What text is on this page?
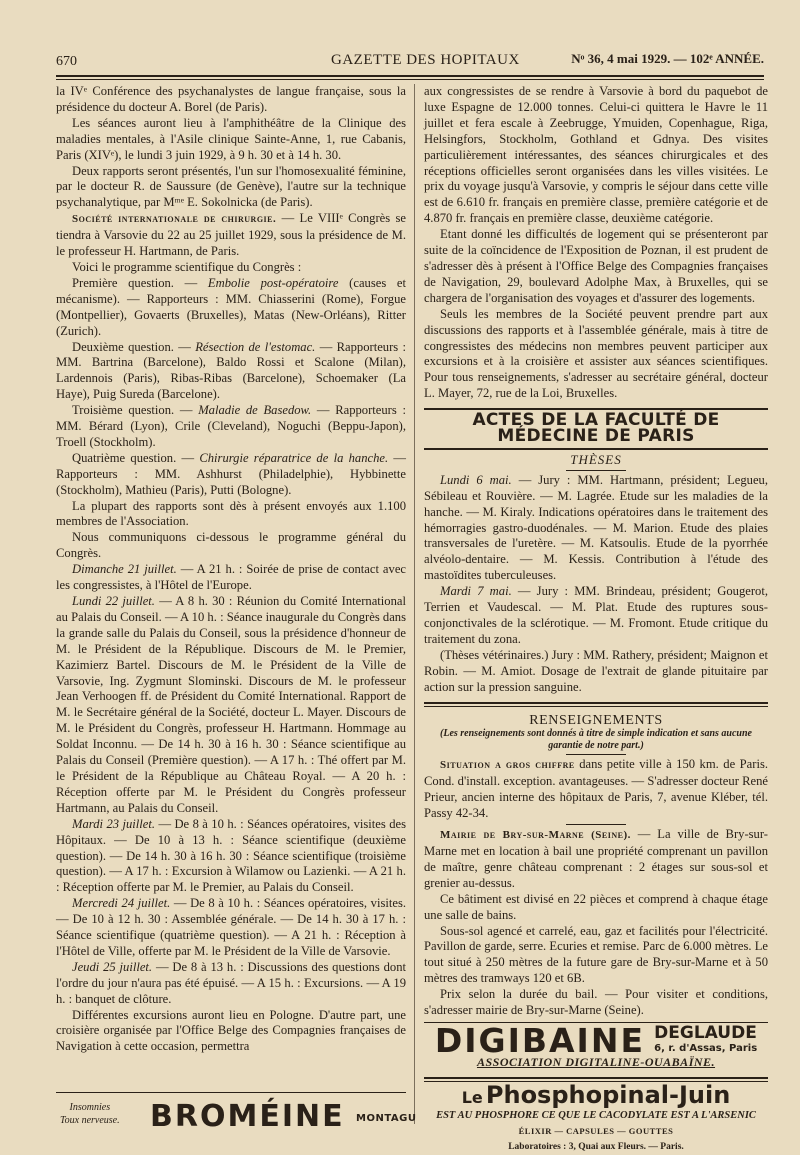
670	GAZETTE DES HOPITAUX	Nᵒ 36, 4 mai 1929. — 102ᵉ ANNÉE.

la IVᵉ Conférence des psychanalystes de langue française, sous la présidence du docteur A. Borel (de Paris).

Les séances auront lieu à l'amphithéâtre de la Clinique des maladies mentales, à l'Asile clinique Sainte-Anne, 1, rue Cabanis, Paris (XIVᵉ), le lundi 3 juin 1929, à 9 h. 30 et à 14 h. 30.

Deux rapports seront présentés, l'un sur l'homosexualité féminine, par le docteur R. de Saussure (de Genève), l'autre sur la technique psychanalytique, par Mᵐᵉ E. Sokolnicka (de Paris).

Société internationale de chirurgie. — Le VIIIᵉ Congrès se tiendra à Varsovie du 22 au 25 juillet 1929, sous la présidence de M. le professeur H. Hartmann, de Paris.

Voici le programme scientifique du Congrès :

Première question. — Embolie post-opératoire (causes et mécanisme). — Rapporteurs : MM. Chiasserini (Rome), Forgue (Montpellier), Govaerts (Bruxelles), Matas (New-Orléans), Ritter (Zurich).

Deuxième question. — Résection de l'estomac. — Rapporteurs : MM. Bartrina (Barcelone), Baldo Rossi et Scalone (Milan), Lardennois (Paris), Ribas-Ribas (Barcelone), Schoemaker (La Haye), Puig Sureda (Barcelone).

Troisième question. — Maladie de Basedow. — Rapporteurs : MM. Bérard (Lyon), Crile (Cleveland), Noguchi (Beppu-Japon), Troell (Stockholm).

Quatrième question. — Chirurgie réparatrice de la hanche. — Rapporteurs : MM. Ashhurst (Philadelphie), Hybbinette (Stockholm), Mathieu (Paris), Putti (Bologne).

La plupart des rapports sont dès à présent envoyés aux 1.100 membres de l'Association.

Nous communiquons ci-dessous le programme général du Congrès.

Dimanche 21 juillet. — A 21 h. : Soirée de prise de contact avec les congressistes, à l'Hôtel de l'Europe.

Lundi 22 juillet. — A 8 h. 30 : Réunion du Comité International au Palais du Conseil. — A 10 h. : Séance inaugurale du Congrès dans la grande salle du Palais du Conseil, sous la présidence d'honneur de M. le Président de la République. Discours de M. le Premier, Kazimierz Bartel. Discours de M. le Président de la Ville de Varsovie, Ing. Zygmunt Slominski. Discours de M. le professeur Jean Verhoogen ff. de Président du Comité International. Rapport de M. le Secrétaire général de la Société, docteur L. Mayer. Discours de M. le Président du Congrès, professeur H. Hartmann. Hommage au Soldat Inconnu. — De 14 h. 30 à 16 h. 30 : Séance scientifique au Palais du Conseil (Première question). — A 17 h. : Thé offert par M. le Président de la République au Château Royal. — A 20 h. : Réception offerte par M. le Président du Congrès professeur Hartmann, au Palais du Conseil.

Mardi 23 juillet. — De 8 à 10 h. : Séances opératoires, visites des Hôpitaux. — De 10 à 13 h. : Séance scientifique (deuxième question). — De 14 h. 30 à 16 h. 30 : Séance scientifique (troisième question). — A 17 h. : Excursion à Wilamow ou Lazienki. — A 21 h. : Réception offerte par M. le Premier, au Palais du Conseil.

Mercredi 24 juillet. — De 8 à 10 h. : Séances opératoires, visites. — De 10 à 12 h. 30 : Assemblée générale. — De 14 h. 30 à 17 h. : Séance scientifique (quatrième question). — A 21 h. : Réception à l'Hôtel de Ville, offerte par M. le Président de la Ville de Varsovie.

Jeudi 25 juillet. — De 8 à 13 h. : Discussions des questions dont l'ordre du jour n'aura pas été épuisé. — A 15 h. : Excursions. — A 19 h. : banquet de clôture.

Différentes excursions auront lieu en Pologne. D'autre part, une croisière organisée par l'Office Belge des Compagnies françaises de Navigation à cette occasion, permettra

aux congressistes de se rendre à Varsovie à bord du paquebot de luxe Espagne de 12.000 tonnes. Celui-ci quittera le Havre le 11 juillet et fera escale à Zeebrugge, Ymuiden, Copenhague, Riga, Helsingfors, Stockholm, Gothland et Gdnya. Des visites particulièrement intéressantes, des séances chirurgicales et des réceptions officielles seront organisées dans les villes visitées. Le prix du voyage jusqu'à Varsovie, y compris le séjour dans cette ville est de 6.610 fr. français en première classe, première catégorie et de 4.870 fr. français en première classe, deuxième catégorie.

Etant donné les difficultés de logement qui se présenteront par suite de la coïncidence de l'Exposition de Poznan, il est prudent de s'adresser dès à présent à l'Office Belge des Compagnies françaises de Navigation, 29, boulevard Adolphe Max, à Bruxelles, qui se chargera de l'organisation des voyages et d'assurer des logements.

Seuls les membres de la Société peuvent prendre part aux discussions des rapports et à l'assemblée générale, mais à titre de congressistes des médecins non membres peuvent participer aux excursions et à la croisière et assister aux séances scientifiques. Pour tous renseignements, s'adresser au secrétaire général, docteur L. Mayer, 72, rue de la Loi, Bruxelles.

ACTES DE LA FACULTÉ DE MÉDECINE DE PARIS
THÈSES

Lundi 6 mai. — Jury : MM. Hartmann, président; Legueu, Sébileau et Rouvière. — M. Lagrée. Etude sur les maladies de la hanche. — M. Kiraly. Indications opératoires dans le traitement des hémorragies gastro-duodénales. — M. Marion. Etude des plaies transversales de l'uretère. — M. Katsoulis. Etude de la pyorrhée alvéolo-dentaire. — M. Kessis. Contribution à l'étude des mastoïdites tuberculeuses.

Mardi 7 mai. — Jury : MM. Brindeau, président; Gougerot, Terrien et Vaudescal. — M. Plat. Etude des ruptures sous-conjonctivales de la sclérotique. — M. Fromont. Etude critique du traitement du zona.

(Thèses vétérinaires.) Jury : MM. Rathery, président; Maignon et Robin. — M. Amiot. Dosage de l'extrait de glande pituitaire par action sur la pression sanguine.

RENSEIGNEMENTS
(Les renseignements sont donnés à titre de simple indication et sans aucune garantie de notre part.)

Situation a gros chiffre dans petite ville à 150 km. de Paris. Cond. d'install. exception. avantageuses. — S'adresser docteur René Prieur, ancien interne des hôpitaux de Paris, 7, avenue Kléber, tél. Passy 42-34.

Mairie de Bry-sur-Marne (Seine). — La ville de Bry-sur-Marne met en location à bail une propriété comprenant un pavillon de maître, genre château comprenant : 2 étages sur sous-sol et grenier au-dessus.

Ce bâtiment est divisé en 22 pièces et comprend à chaque étage une salle de bains.

Sous-sol agencé et carrelé, eau, gaz et facilités pour l'électricité. Pavillon de garde, serre. Ecuries et remise. Parc de 6.000 mètres. Le tout situé à 250 mètres de la future gare de Bry-sur-Marne et à 50 mètres des tramways 120 et 6B.

Prix selon la durée du bail. — Pour visiter et conditions, s'adresser mairie de Bry-sur-Marne (Seine).

DIGIBAINE DEGLAUDE
6, r. d'Assas, Paris
ASSOCIATION DIGITALINE-OUABAÏNE.
Le Phosphopinal-Juin
EST AU PHOSPHORE CE QUE LE CACODYLATE EST A L'ARSENIC
ÉLIXIR — CAPSULES — GOUTTES
Laboratoires : 3, Quai aux Fleurs. — Paris.
Insomnies
Toux nerveuse. BROMÉINE MONTAGU
